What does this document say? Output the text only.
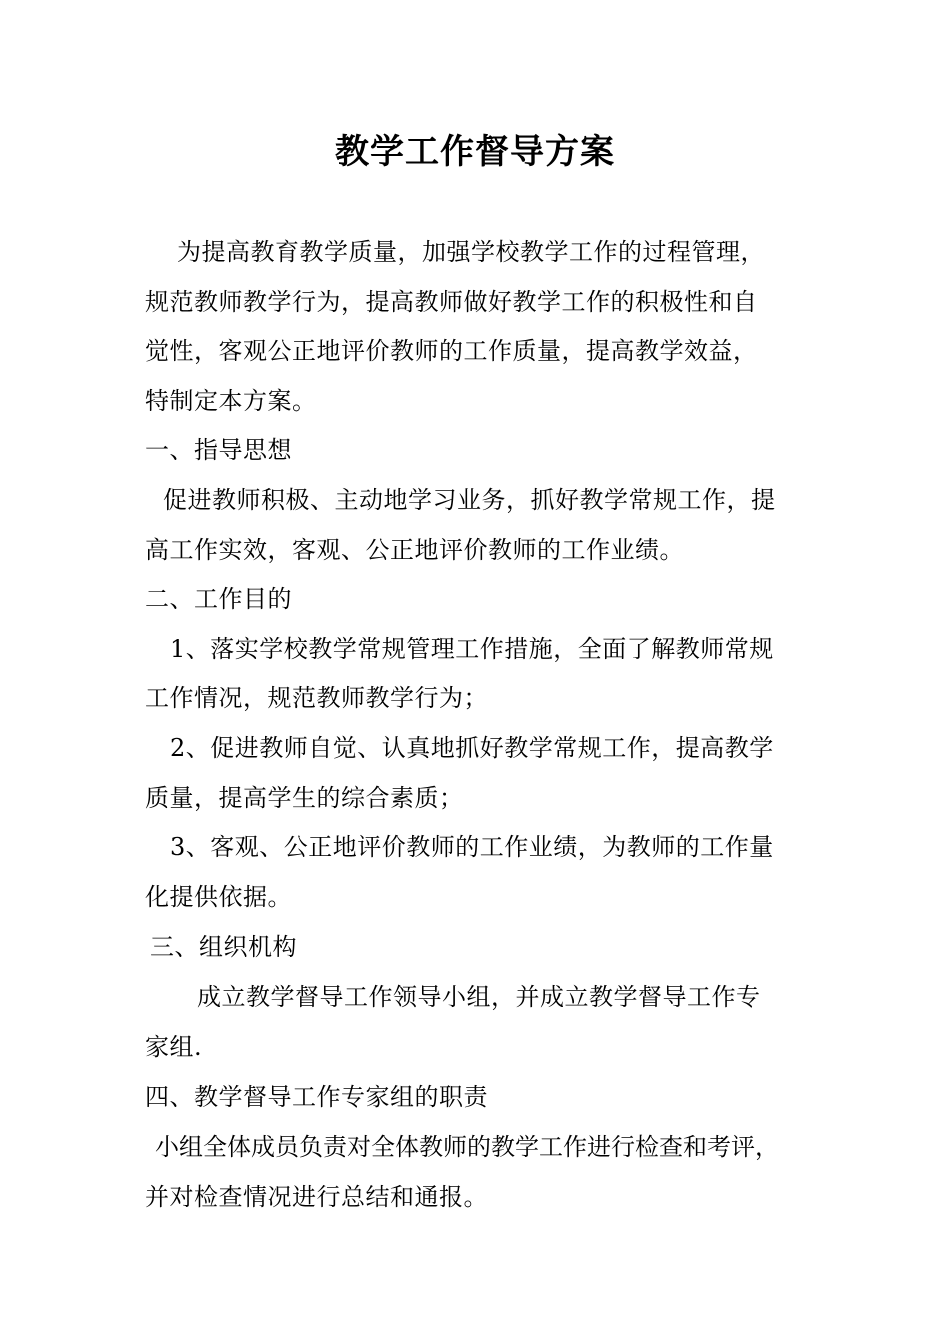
教学工作督导方案
为提高教育教学质量，加强学校教学工作的过程管理，
规范教师教学行为，提高教师做好教学工作的积极性和自
觉性，客观公正地评价教师的工作质量，提高教学效益，
特制定本方案。
一、指导思想
促进教师积极、主动地学习业务，抓好教学常规工作，提
高工作实效，客观、公正地评价教师的工作业绩。
二、工作目的
1、落实学校教学常规管理工作措施，全面了解教师常规
工作情况，规范教师教学行为；
2、促进教师自觉、认真地抓好教学常规工作，提高教学
质量，提高学生的综合素质；
3、客观、公正地评价教师的工作业绩，为教师的工作量
化提供依据。
三、组织机构
成立教学督导工作领导小组，并成立教学督导工作专
家组.
四、教学督导工作专家组的职责
小组全体成员负责对全体教师的教学工作进行检查和考评，
并对检查情况进行总结和通报。
